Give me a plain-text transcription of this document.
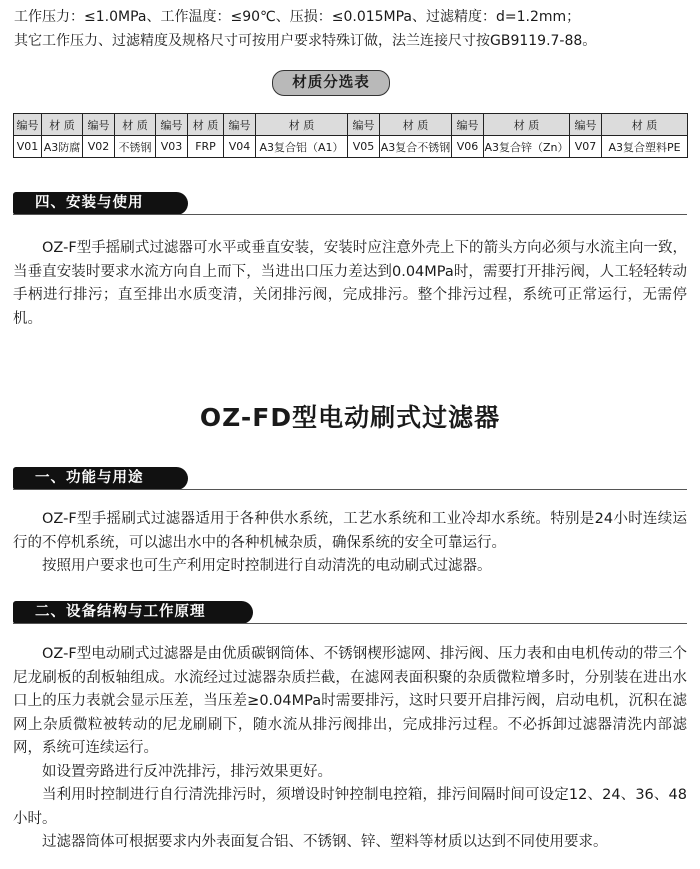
工作压力：≤1.0MPa、工作温度：≤90℃、压损：≤0.015MPa、过滤精度：d=1.2mm；
其它工作压力、过滤精度及规格尺寸可按用户要求特殊订做，法兰连接尺寸按GB9119.7-88。
材质分选表
编号	材 质	编号	材 质	编号	材 质	编号	材 质	编号	材 质	编号	材 质	编号	材 质
V01	A3防腐	V02	不锈钢	V03	FRP	V04	A3复合铝（A1）	V05	A3复合不锈钢	V06	A3复合锌（Zn）	V07	A3复合塑料PE
四、安装与使用

OZ-F型手摇刷式过滤器可水平或垂直安装，安装时应注意外壳上下的箭头方向必须与水流主向一致，当垂直安装时要求水流方向自上而下，当进出口压力差达到0.04MPa时，需要打开排污阀，人工轻轻转动手柄进行排污；直至排出水质变清，关闭排污阀，完成排污。整个排污过程，系统可正常运行，无需停机。

OZ-FD型电动刷式过滤器
一、功能与用途

OZ-F型手摇刷式过滤器适用于各种供水系统，工艺水系统和工业冷却水系统。特别是24小时连续运行的不停机系统，可以滤出水中的各种机械杂质，确保系统的安全可靠运行。

按照用户要求也可生产利用定时控制进行自动清洗的电动刷式过滤器。

二、设备结构与工作原理

OZ-F型电动刷式过滤器是由优质碳钢筒体、不锈钢楔形滤网、排污阀、压力表和由电机传动的带三个尼龙刷板的刮板轴组成。水流经过过滤器杂质拦截，在滤网表面积聚的杂质微粒增多时，分别装在进出水口上的压力表就会显示压差，当压差≥0.04MPa时需要排污，这时只要开启排污阀，启动电机，沉积在滤网上杂质微粒被转动的尼龙刷刷下，随水流从排污阀排出，完成排污过程。不必拆卸过滤器清洗内部滤网，系统可连续运行。

如设置旁路进行反冲洗排污，排污效果更好。

当利用时控制进行自行清洗排污时，须增设时钟控制电控箱，排污间隔时间可设定12、24、36、48小时。

过滤器筒体可根据要求内外表面复合铝、不锈钢、锌、塑料等材质以达到不同使用要求。
